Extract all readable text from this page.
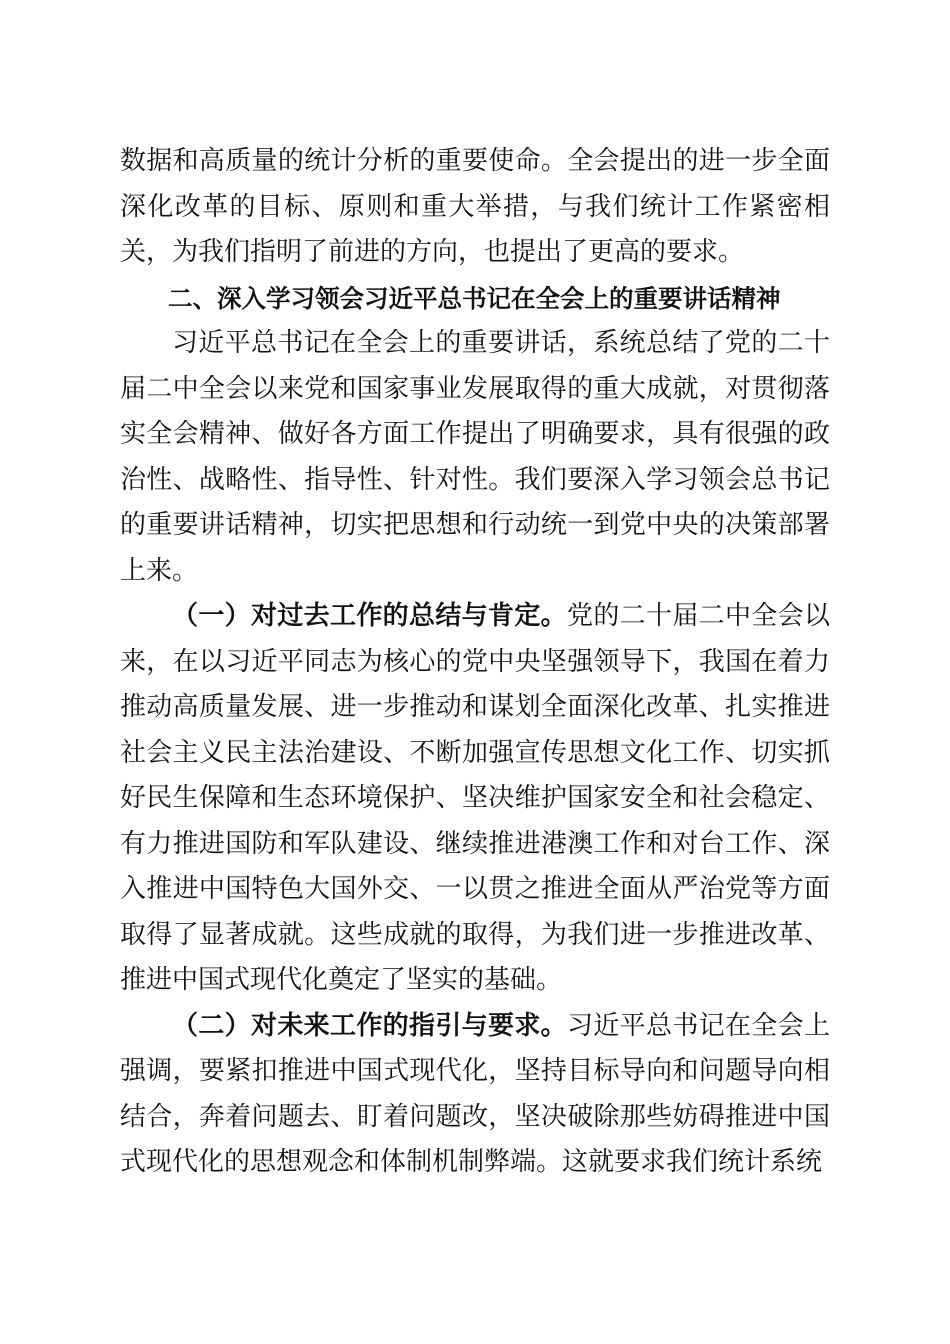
数据和高质量的统计分析的重要使命。全会提出的进一步全面深化改革的目标、原则和重大举措，与我们统计工作紧密相关，为我们指明了前进的方向，也提出了更高的要求。

二、深入学习领会习近平总书记在全会上的重要讲话精神

习近平总书记在全会上的重要讲话，系统总结了党的二十届二中全会以来党和国家事业发展取得的重大成就，对贯彻落实全会精神、做好各方面工作提出了明确要求，具有很强的政治性、战略性、指导性、针对性。我们要深入学习领会总书记的重要讲话精神，切实把思想和行动统一到党中央的决策部署上来。

（一）对过去工作的总结与肯定。党的二十届二中全会以来，在以习近平同志为核心的党中央坚强领导下，我国在着力推动高质量发展、进一步推动和谋划全面深化改革、扎实推进社会主义民主法治建设、不断加强宣传思想文化工作、切实抓好民生保障和生态环境保护、坚决维护国家安全和社会稳定、有力推进国防和军队建设、继续推进港澳工作和对台工作、深入推进中国特色大国外交、一以贯之推进全面从严治党等方面取得了显著成就。这些成就的取得，为我们进一步推进改革、推进中国式现代化奠定了坚实的基础。

（二）对未来工作的指引与要求。习近平总书记在全会上强调，要紧扣推进中国式现代化，坚持目标导向和问题导向相结合，奔着问题去、盯着问题改，坚决破除那些妨碍推进中国式现代化的思想观念和体制机制弊端。这就要求我们统计系统
